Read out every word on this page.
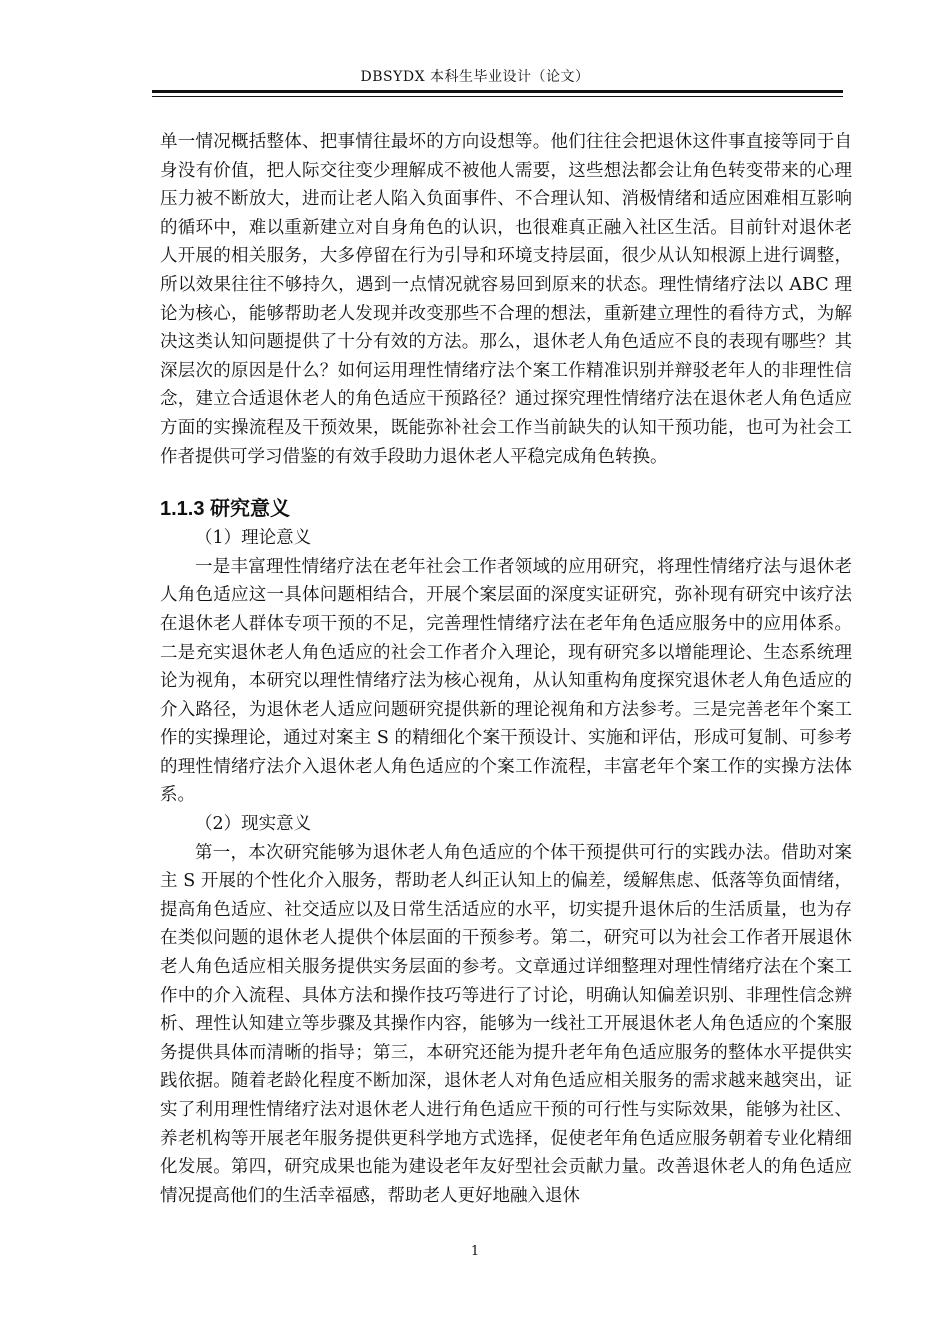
DBSYDX 本科生毕业设计（论文）

单一情况概括整体、把事情往最坏的方向设想等。他们往往会把退休这件事直接等同于自身没有价值，把人际交往变少理解成不被他人需要，这些想法都会让角色转变带来的心理压力被不断放大，进而让老人陷入负面事件、不合理认知、消极情绪和适应困难相互影响的循环中，难以重新建立对自身角色的认识，也很难真正融入社区生活。目前针对退休老人开展的相关服务，大多停留在行为引导和环境支持层面，很少从认知根源上进行调整，所以效果往往不够持久，遇到一点情况就容易回到原来的状态。理性情绪疗法以 ABC 理论为核心，能够帮助老人发现并改变那些不合理的想法，重新建立理性的看待方式，为解决这类认知问题提供了十分有效的方法。那么，退休老人角色适应不良的表现有哪些？其深层次的原因是什么？如何运用理性情绪疗法个案工作精准识别并辩驳老年人的非理性信念，建立合适退休老人的角色适应干预路径？通过探究理性情绪疗法在退休老人角色适应方面的实操流程及干预效果，既能弥补社会工作当前缺失的认知干预功能，也可为社会工作者提供可学习借鉴的有效手段助力退休老人平稳完成角色转换。

1.1.3 研究意义
（1）理论意义

一是丰富理性情绪疗法在老年社会工作者领域的应用研究，将理性情绪疗法与退休老人角色适应这一具体问题相结合，开展个案层面的深度实证研究，弥补现有研究中该疗法在退休老人群体专项干预的不足，完善理性情绪疗法在老年角色适应服务中的应用体系。二是充实退休老人角色适应的社会工作者介入理论，现有研究多以增能理论、生态系统理论为视角，本研究以理性情绪疗法为核心视角，从认知重构角度探究退休老人角色适应的介入路径，为退休老人适应问题研究提供新的理论视角和方法参考。三是完善老年个案工作的实操理论，通过对案主 S 的精细化个案干预设计、实施和评估，形成可复制、可参考的理性情绪疗法介入退休老人角色适应的个案工作流程，丰富老年个案工作的实操方法体系。

（2）现实意义

第一，本次研究能够为退休老人角色适应的个体干预提供可行的实践办法。借助对案主 S 开展的个性化介入服务，帮助老人纠正认知上的偏差，缓解焦虑、低落等负面情绪，提高角色适应、社交适应以及日常生活适应的水平，切实提升退休后的生活质量，也为存在类似问题的退休老人提供个体层面的干预参考。第二，研究可以为社会工作者开展退休老人角色适应相关服务提供实务层面的参考。文章通过详细整理对理性情绪疗法在个案工作中的介入流程、具体方法和操作技巧等进行了讨论，明确认知偏差识别、非理性信念辨析、理性认知建立等步骤及其操作内容，能够为一线社工开展退休老人角色适应的个案服务提供具体而清晰的指导；第三，本研究还能为提升老年角色适应服务的整体水平提供实践依据。随着老龄化程度不断加深，退休老人对角色适应相关服务的需求越来越突出，证实了利用理性情绪疗法对退休老人进行角色适应干预的可行性与实际效果，能够为社区、养老机构等开展老年服务提供更科学地方式选择，促使老年角色适应服务朝着专业化精细化发展。第四，研究成果也能为建设老年友好型社会贡献力量。改善退休老人的角色适应情况提高他们的生活幸福感，帮助老人更好地融入退休

1
